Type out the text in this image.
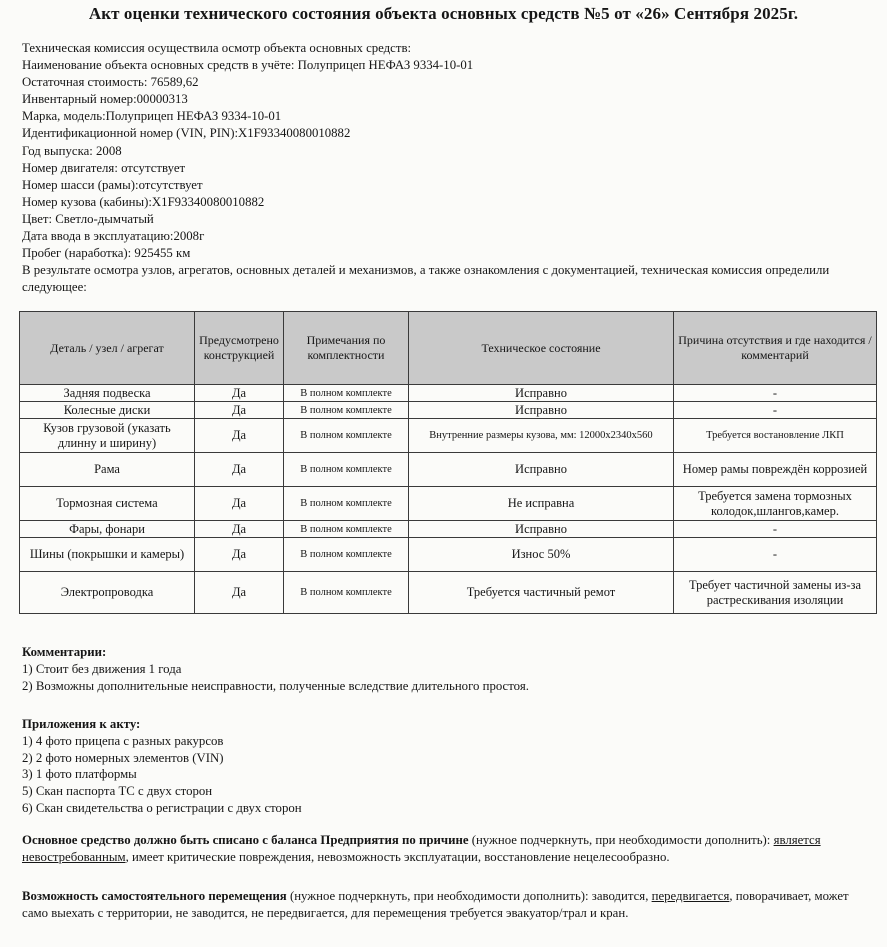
Акт оценки технического состояния объекта основных средств №5 от «26» Сентября 2025г.
Техническая комиссия осуществила осмотр объекта основных средств:
Наименование объекта основных средств в учёте: Полуприцеп НЕФАЗ 9334-10-01
Остаточная стоимость: 76589,62
Инвентарный номер:00000313
Марка, модель:Полуприцеп НЕФАЗ 9334-10-01
Идентификационной номер (VIN, PIN):X1F93340080010882
Год выпуска: 2008
Номер двигателя: отсутствует
Номер шасси (рамы):отсутствует
Номер кузова (кабины):X1F93340080010882
Цвет: Светло-дымчатый
Дата ввода в эксплуатацию:2008г
Пробег (наработка): 925455 км
В результате осмотра узлов, агрегатов, основных деталей и механизмов, а также ознакомления с документацией, техническая комиссия определили следующее:
Деталь / узел / агрегат	Предусмотрено конструкцией	Примечания по комплектности	Техническое состояние	Причина отсутствия и где находится / комментарий
Задняя подвеска	Да	В полном комплекте	Исправно	-
Колесные диски	Да	В полном комплекте	Исправно	-
Кузов грузовой (указать длинну и ширину)	Да	В полном комплекте	Внутренние размеры кузова, мм: 12000х2340х560	Требуется востановление ЛКП
Рама	Да	В полном комплекте	Исправно	Номер рамы повреждён коррозией
Тормозная система	Да	В полном комплекте	Не исправна	Требуется замена тормозных колодок,шлангов,камер.
Фары, фонари	Да	В полном комплекте	Исправно	-
Шины (покрышки и камеры)	Да	В полном комплекте	Износ 50%	-
Электропроводка	Да	В полном комплекте	Требуется частичный ремот	Требует частичной замены из-за растрескивания изоляции
Комментарии:
1) Стоит без движения 1 года
2) Возможны дополнительные неисправности, полученные вследствие длительного простоя.
Приложения к акту:
1) 4 фото прицепа с разных ракурсов
2) 2 фото номерных элементов (VIN)
3) 1 фото платформы
5) Скан паспорта ТС с двух сторон
6) Скан свидетельства о регистрации с двух сторон
Основное средство должно быть списано с баланса Предприятия по причине (нужное подчеркнуть, при необходимости дополнить): является невостребованным, имеет критические повреждения, невозможность эксплуатации, восстановление нецелесообразно.
Возможность самостоятельного перемещения (нужное подчеркнуть, при необходимости дополнить): заводится, передвигается, поворачивает, может само выехать с территории, не заводится, не передвигается, для перемещения требуется эвакуатор/трал и кран.
